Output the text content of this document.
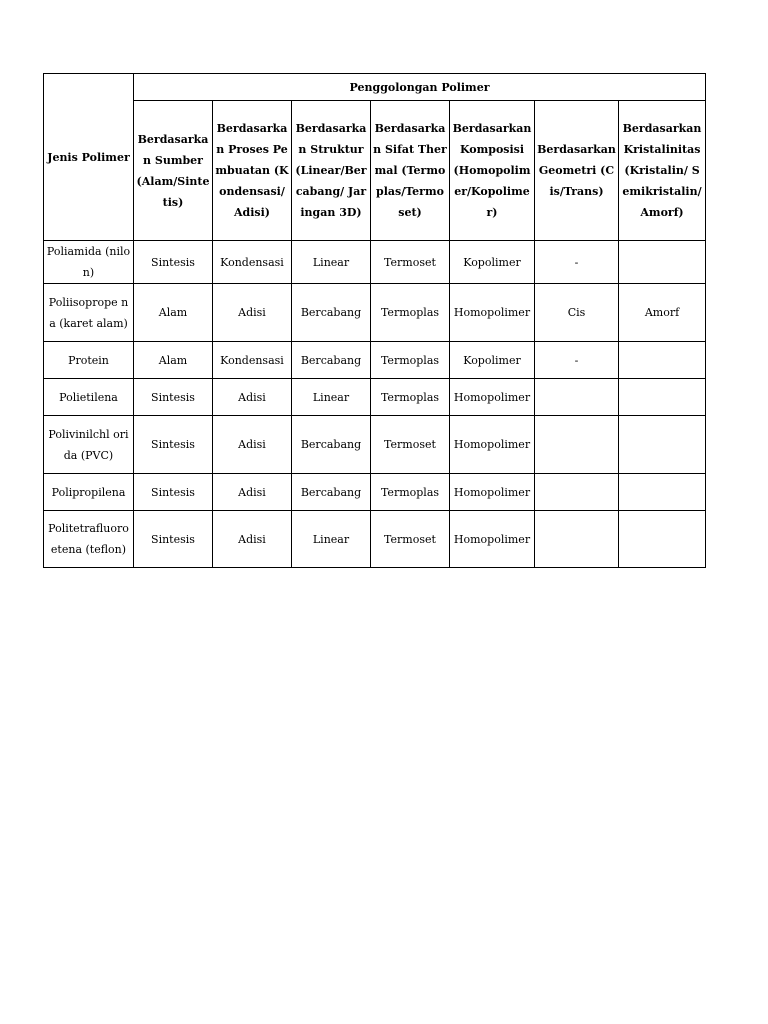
Jenis Polimer	Penggolongan Polimer						
	Berdasarkan Sumber (Alam/Sintetis)	Berdasarkan Proses Pembuatan (Kondensasi/Adisi)	Berdasarkan Struktur (Linear/Bercabang/ Jaringan 3D)	Berdasarkan Sifat Thermal (Termoplas/Termoset)	Berdasarkan Komposisi (Homopolimer/Kopolimer)	Berdasarkan Geometri (Cis/Trans)	Berdasarkan Kristalinitas (Kristalin/ Semikristalin/Amorf)
Poliamida (nilon)	Sintesis	Kondensasi	Linear	Termoset	Kopolimer	-	
Poliisoprope na (karet alam)	Alam	Adisi	Bercabang	Termoplas	Homopolimer	Cis	Amorf
Protein	Alam	Kondensasi	Bercabang	Termoplas	Kopolimer	-	
Polietilena	Sintesis	Adisi	Linear	Termoplas	Homopolimer		
Polivinilchl orida (PVC)	Sintesis	Adisi	Bercabang	Termoset	Homopolimer		
Polipropilena	Sintesis	Adisi	Bercabang	Termoplas	Homopolimer		
Politetrafluoroetena (teflon)	Sintesis	Adisi	Linear	Termoset	Homopolimer		
